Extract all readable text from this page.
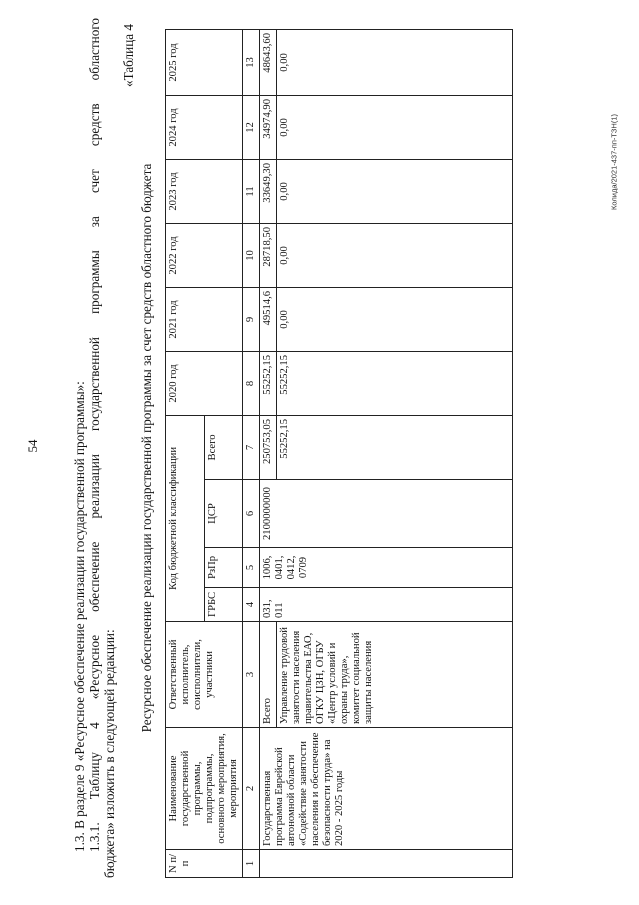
54
Колида/2021-437-пп-ТЗН(1)

1.3. В разделе 9 «Ресурсное обеспечение реализации государственной программы»: 1.3.1. Таблицу 4 «Ресурсное обеспечение реализации государственной программы за счет средств областного бюджета» изложить в следующей редакции:

«Таблица 4
Ресурсное обеспечение реализации государственной программы за счет средств областного бюджета
N п/п	Наименование государственной программы, подпрограммы, основного мероприятия, мероприятия	Ответственный исполнитель, соисполнители, участники	Код бюджетной классификации				2020 год	2021 год	2022 год	2023 год	2024 год	2025 год
			ГРБС	РзПр	ЦСР	Всего						
1	2	3	4	5	6	7	8	9	10	11	12	13
	Государственная программа Еврейской автономной области «Содействие занятости населения и обеспечение безопасности труда» на 2020 - 2025 годы	Всего	031, 011	1006, 0401, 0412, 0709	2100000000	250753,05	55252,15	49514,6	28718,50	33649,30	34974,90	48643,60
		Управление трудовой занятости населения правительства ЕАО, ОГКУ ЦЗН, ОГБУ «Центр условий и охраны труда», комитет социальной защиты населения				55252,15	55252,15	0,00	0,00	0,00	0,00	0,00
